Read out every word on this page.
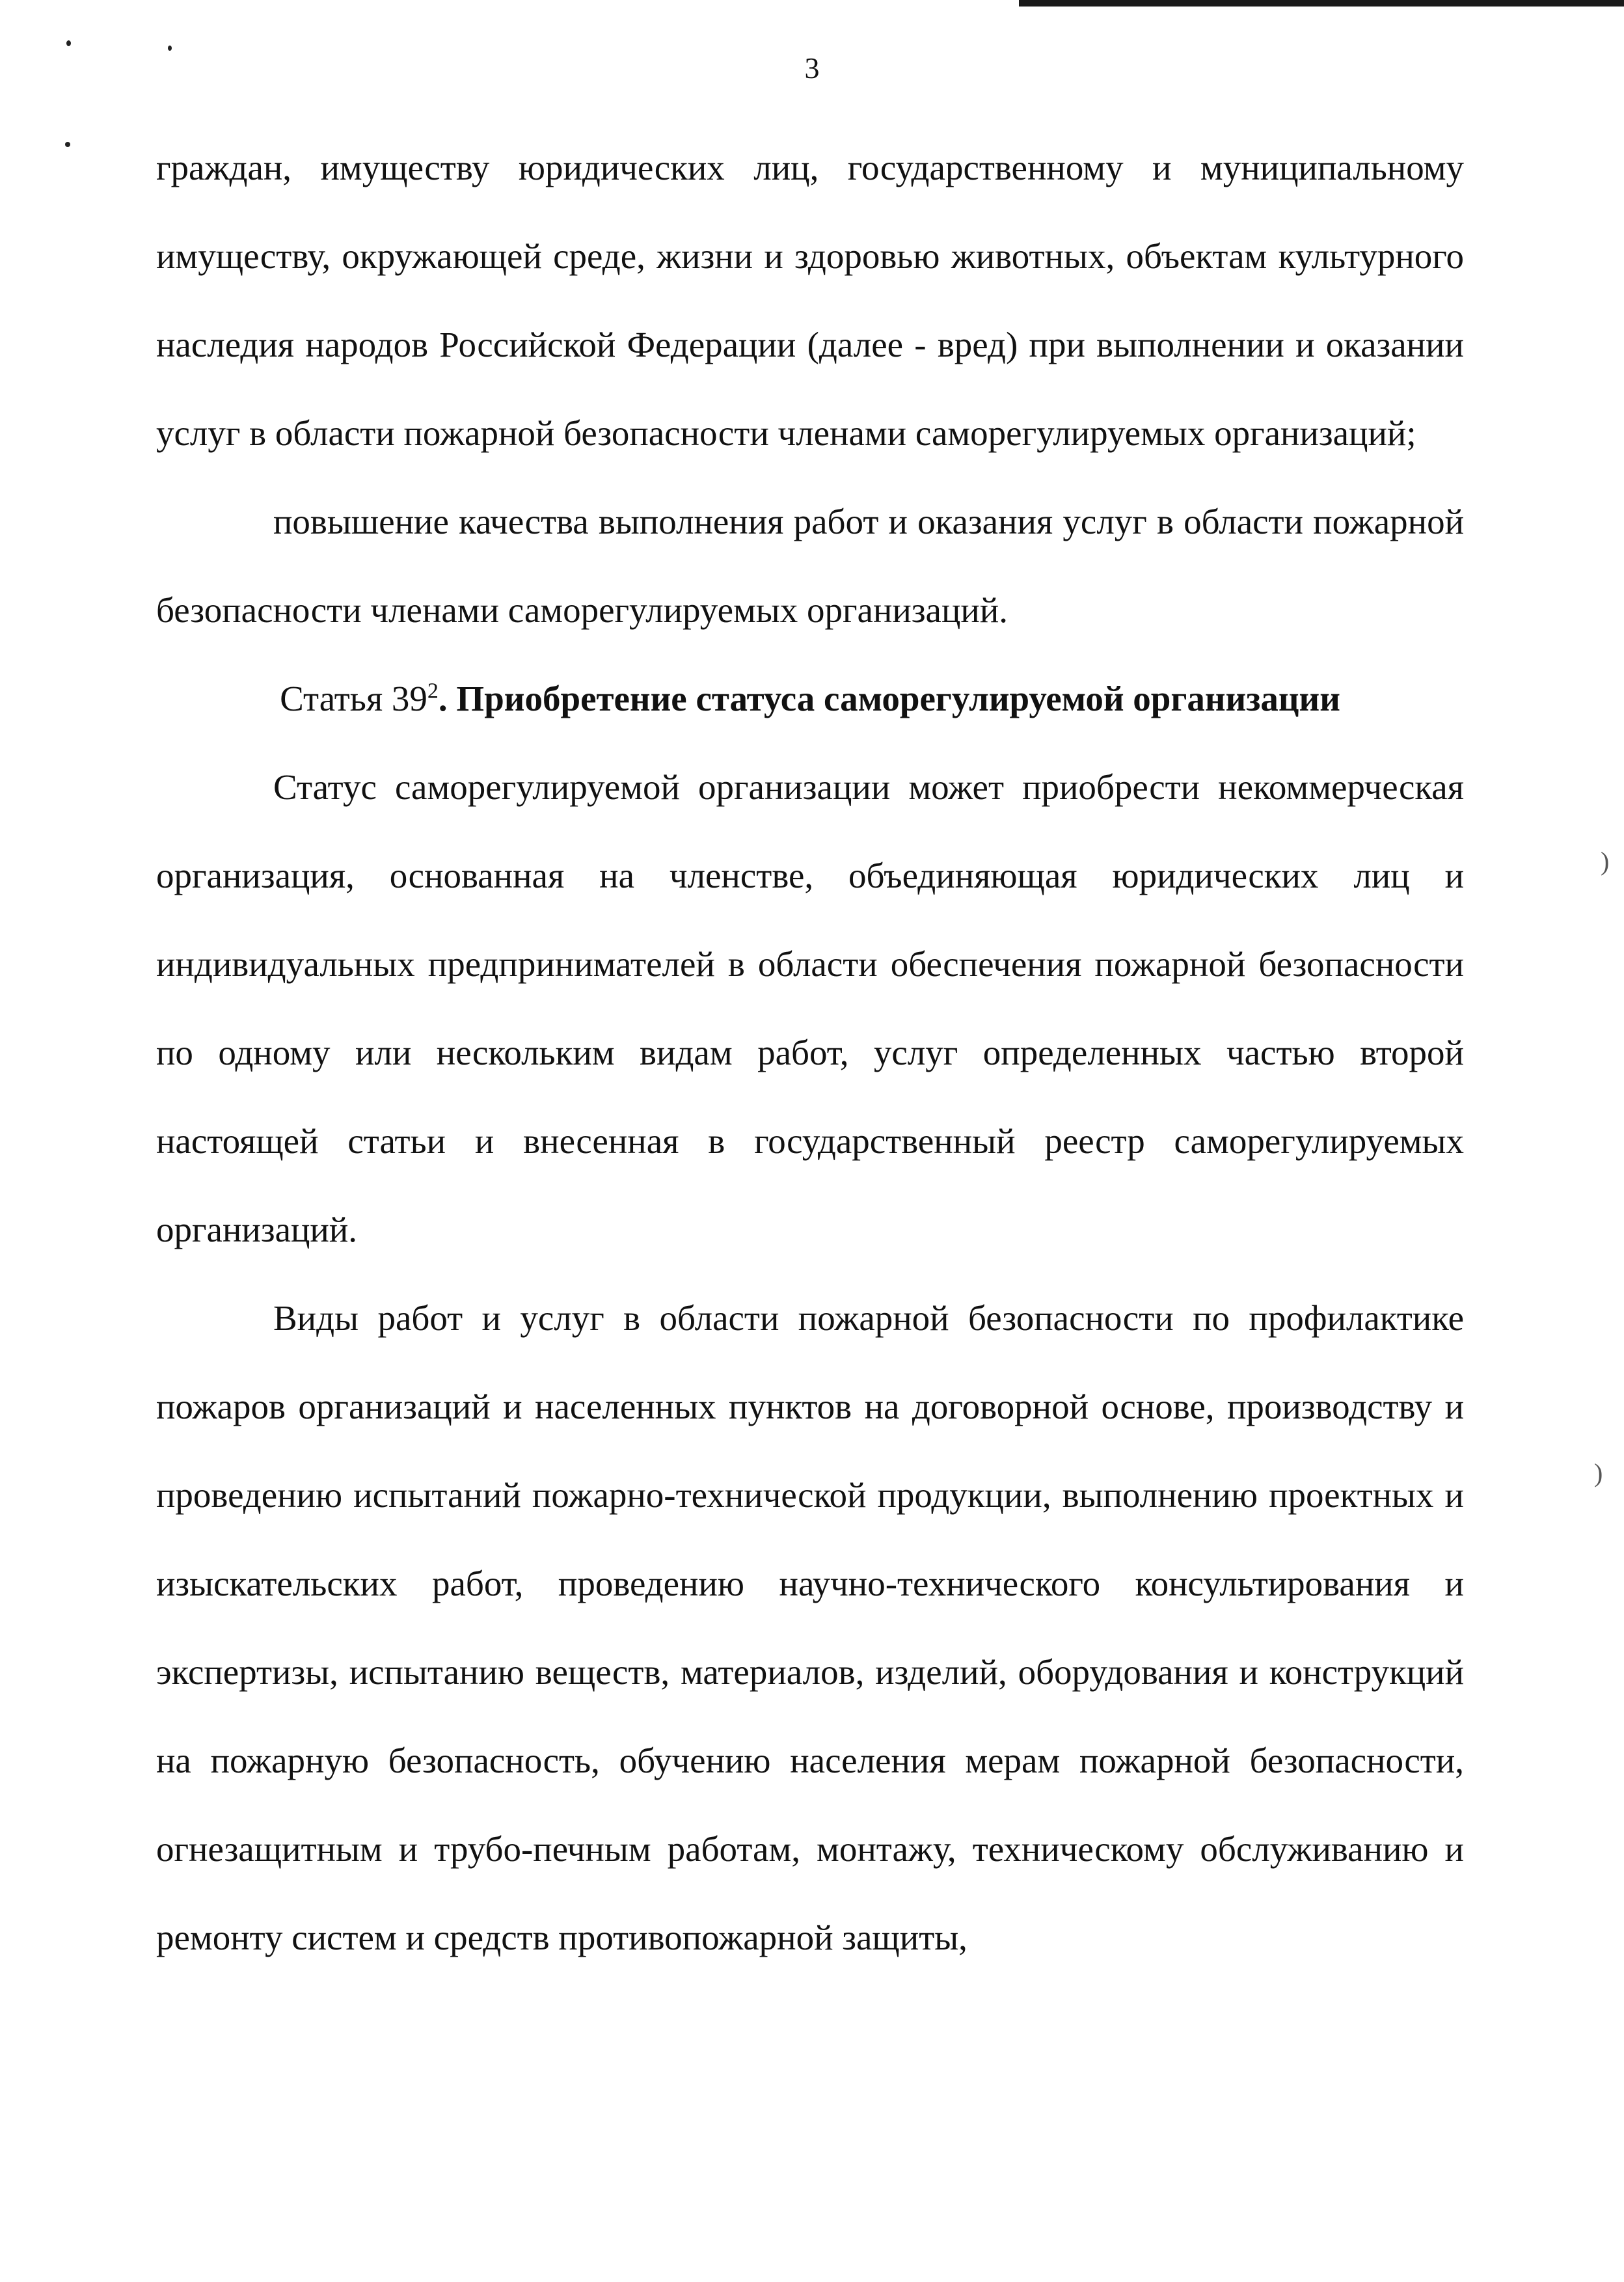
3
)
)

граждан, имуществу юридических лиц, государственному и муниципальному имуществу, окружающей среде, жизни и здоровью животных, объектам культурного наследия народов Российской Федерации (далее - вред) при выполнении и оказании услуг в области пожарной безопасности членами саморегулируемых организаций;

повышение качества выполнения работ и оказания услуг в области пожарной безопасности членами саморегулируемых организаций.

Статья $39^2$. Приобретение статуса саморегулируемой организации

Статус саморегулируемой организации может приобрести некоммерческая организация, основанная на членстве, объединяющая юридических лиц и индивидуальных предпринимателей в области обеспечения пожарной безопасности по одному или нескольким видам работ, услуг определенных частью второй настоящей статьи и внесенная в государственный реестр саморегулируемых организаций.

Виды работ и услуг в области пожарной безопасности по профилактике пожаров организаций и населенных пунктов на договорной основе, производству и проведению испытаний пожарно-технической продукции, выполнению проектных и изыскательских работ, проведению научно-технического консультирования и экспертизы, испытанию веществ, материалов, изделий, оборудования и конструкций на пожарную безопасность, обучению населения мерам пожарной безопасности, огнезащитным и трубо-печным работам, монтажу, техническому обслуживанию и ремонту систем и средств противопожарной защиты,
